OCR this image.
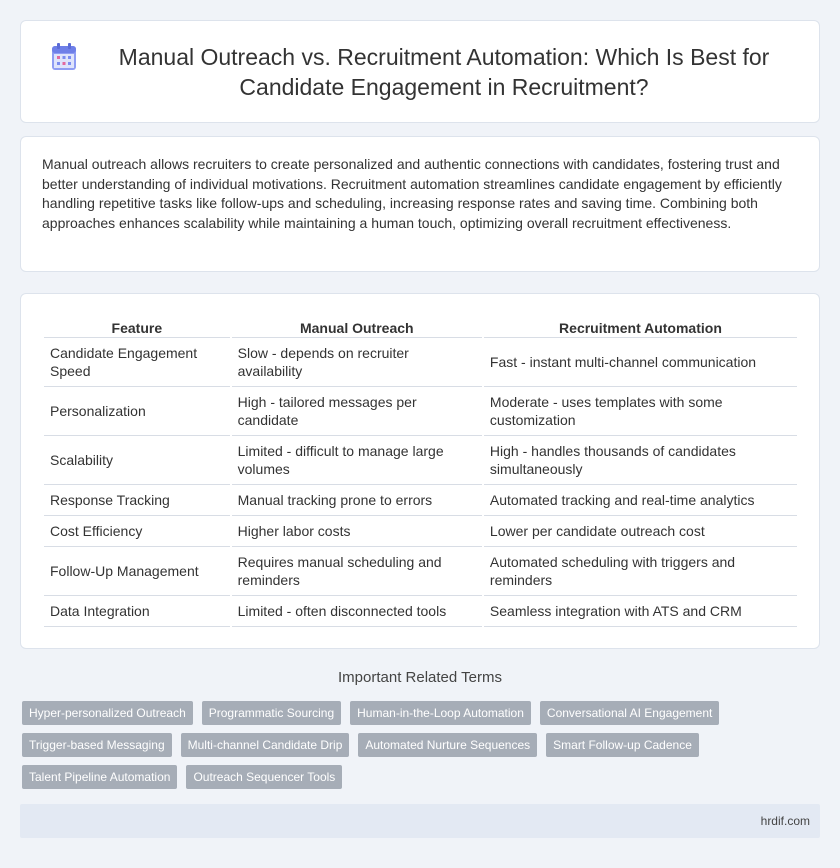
Manual Outreach vs. Recruitment Automation: Which Is Best for Candidate Engagement in Recruitment?

Manual outreach allows recruiters to create personalized and authentic connections with candidates, fostering trust and better understanding of individual motivations. Recruitment automation streamlines candidate engagement by efficiently handling repetitive tasks like follow-ups and scheduling, increasing response rates and saving time. Combining both approaches enhances scalability while maintaining a human touch, optimizing overall recruitment effectiveness.

Feature	Manual Outreach	Recruitment Automation
Candidate Engagement Speed	Slow - depends on recruiter availability	Fast - instant multi-channel communication
Personalization	High - tailored messages per candidate	Moderate - uses templates with some customization
Scalability	Limited - difficult to manage large volumes	High - handles thousands of candidates simultaneously
Response Tracking	Manual tracking prone to errors	Automated tracking and real-time analytics
Cost Efficiency	Higher labor costs	Lower per candidate outreach cost
Follow-Up Management	Requires manual scheduling and reminders	Automated scheduling with triggers and reminders
Data Integration	Limited - often disconnected tools	Seamless integration with ATS and CRM
Important Related Terms
Hyper-personalized Outreach	Programmatic Sourcing	Human-in-the-Loop Automation	Conversational AI Engagement
Trigger-based Messaging	Multi-channel Candidate Drip	Automated Nurture Sequences	Smart Follow-up Cadence
Talent Pipeline Automation	Outreach Sequencer Tools
hrdif.com
